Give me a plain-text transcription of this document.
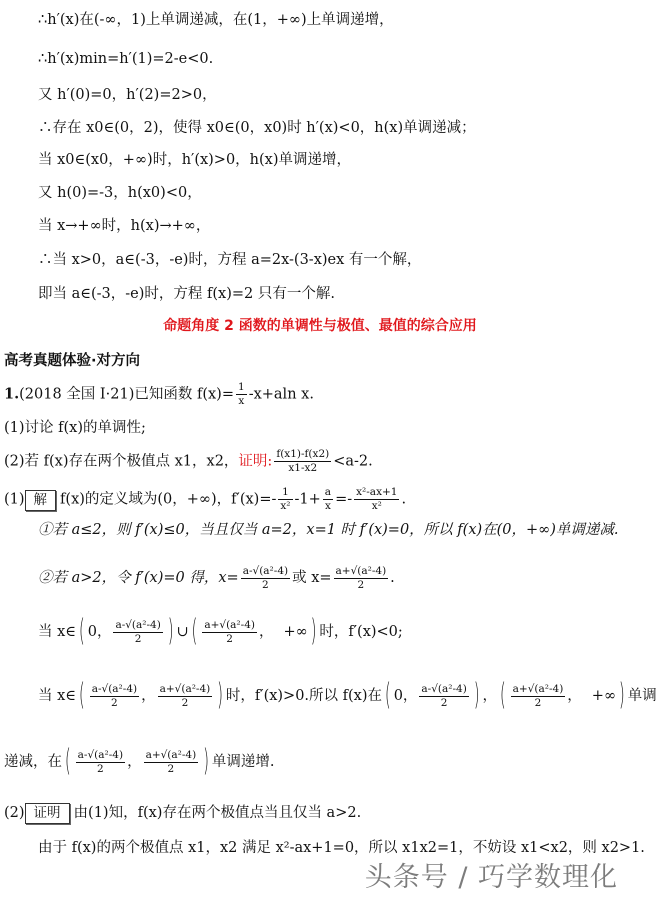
∴h′(x)在(-∞，1)上单调递减，在(1，+∞)上单调递增，
∴h′(x)min=h′(1)=2-e<0.
又 h′(0)=0，h′(2)=2>0，
∴存在 x0∈(0，2)，使得 x0∈(0，x0)时 h′(x)<0，h(x)单调递减；
当 x0∈(x0，+∞)时，h′(x)>0，h(x)单调递增，
又 h(0)=-3，h(x0)<0，
当 x→+∞时，h(x)→+∞，
∴当 x>0，a∈(-3，-e)时，方程 a=2x-(3-x)ex 有一个解，
即当 a∈(-3，-e)时，方程 f(x)=2 只有一个解.
命题角度 2 函数的单调性与极值、最值的综合应用
高考真题体验·对方向
1.(2018 全国 Ⅰ·21)已知函数 $f(x)= \frac{1}{x} -x+aln$ x.
(1)讨论 f(x)的单调性;
(2)若 f(x)存在两个极值点 x1，x2，证明: $\frac{f(x1)-f(x2)}{x1-x2} <a-2$.
(1) 解 f(x)的定义域为(0，+∞)，$f'(x)=- \frac{1}{\text{x²}} -1+ \frac{a}{x} =- \frac{\text{x²-ax+1}}{\text{x²}}$ .
①若 a≤2，则 f′(x)≤0，当且仅当 a=2，x=1 时 f′(x)=0，所以 f(x)在(0，+∞)单调递减.
②若 a>2，令 f′(x)=0 得，$x= \frac{\text{a-√(a²-4)}}{2}$ 或 $x= \frac{\text{a+√(a²-4)}}{2}$ .
当 x∈ ( 0， $\frac{\text{a-√(a²-4)}}{2}$ ) ∪ ( $\frac{\text{a+√(a²-4)}}{2}$ ， +∞ ) 时，f′(x)<0;
当 x∈ ( $\frac{\text{a-√(a²-4)}}{2}$ ， $\frac{\text{a+√(a²-4)}}{2}$ ) 时，f′(x)>0.所以 f(x)在 ( 0， $\frac{\text{a-√(a²-4)}}{2}$ ) ， ( $\frac{\text{a+√(a²-4)}}{2}$ ， +∞ ) 单调
递减，在 ( $\frac{\text{a-√(a²-4)}}{2}$ ， $\frac{\text{a+√(a²-4)}}{2}$ ) 单调递增.
(2) 证明 由(1)知，f(x)存在两个极值点当且仅当 a>2.
由于 f(x)的两个极值点 x1，x2 满足 x²-ax+1=0，所以 x1x2=1，不妨设 x1<x2，则 x2>1.
头条号 / 巧学数理化
